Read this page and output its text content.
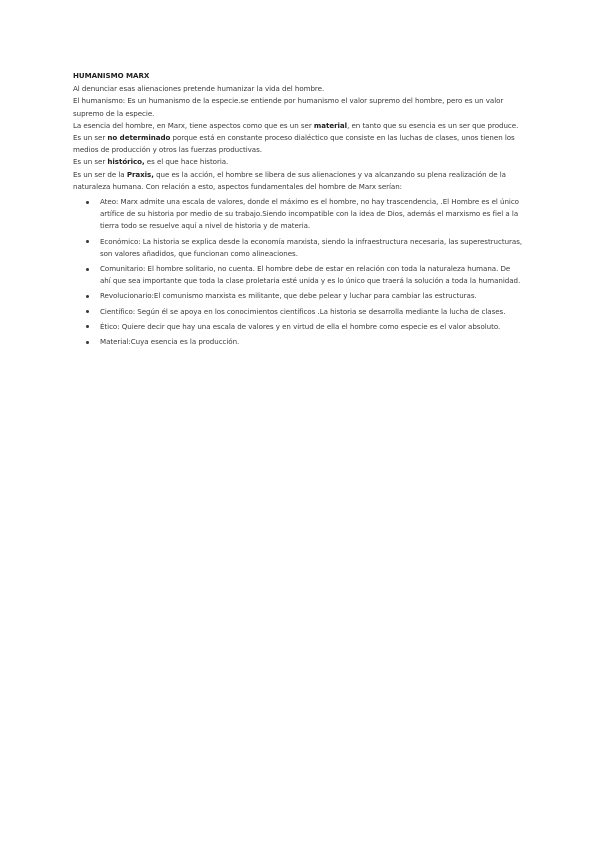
HUMANISMO MARX

Al denunciar esas alienaciones pretende humanizar la vida del hombre.

El humanismo: Es un humanismo de la especie.se entiende por humanismo el valor supremo del hombre, pero es un valor supremo de la especie.

La esencia del hombre, en Marx, tiene aspectos como que es un ser material, en tanto que su esencia es un ser que produce.

Es un ser no determinado porque está en constante proceso dialéctico que consiste en las luchas de clases, unos tienen los medios de producción y otros las fuerzas productivas.

Es un ser histórico, es el que hace historia.

Es un ser de la Praxis, que es la acción, el hombre se libera de sus alienaciones y va alcanzando su plena realización de la naturaleza humana. Con relación a esto, aspectos fundamentales del hombre de Marx serían:

Ateo: Marx admite una escala de valores, donde el máximo es el hombre, no hay trascendencia, .El Hombre es el único artífice de su historia por medio de su trabajo.Siendo incompatible con la idea de Dios, además el marxismo es fiel a la tierra todo se resuelve aquí a nivel de historia y de materia.
Económico: La historia se explica desde la economía marxista, siendo la infraestructura necesaria, las superestructuras, son valores añadidos, que funcionan como alineaciones.
Comunitario: El hombre solitario, no cuenta. El hombre debe de estar en relación con toda la naturaleza humana. De ahí que sea importante que toda la clase proletaria esté unida y es lo único que traerá la solución a toda la humanidad.
Revolucionario:El comunismo marxista es militante, que debe pelear y luchar para cambiar las estructuras.
Científico: Según él se apoya en los conocimientos científicos .La historia se desarrolla mediante la lucha de clases.
Ético: Quiere decir que hay una escala de valores y en virtud de ella el hombre como especie es el valor absoluto.
Material:Cuya esencia es la producción.
